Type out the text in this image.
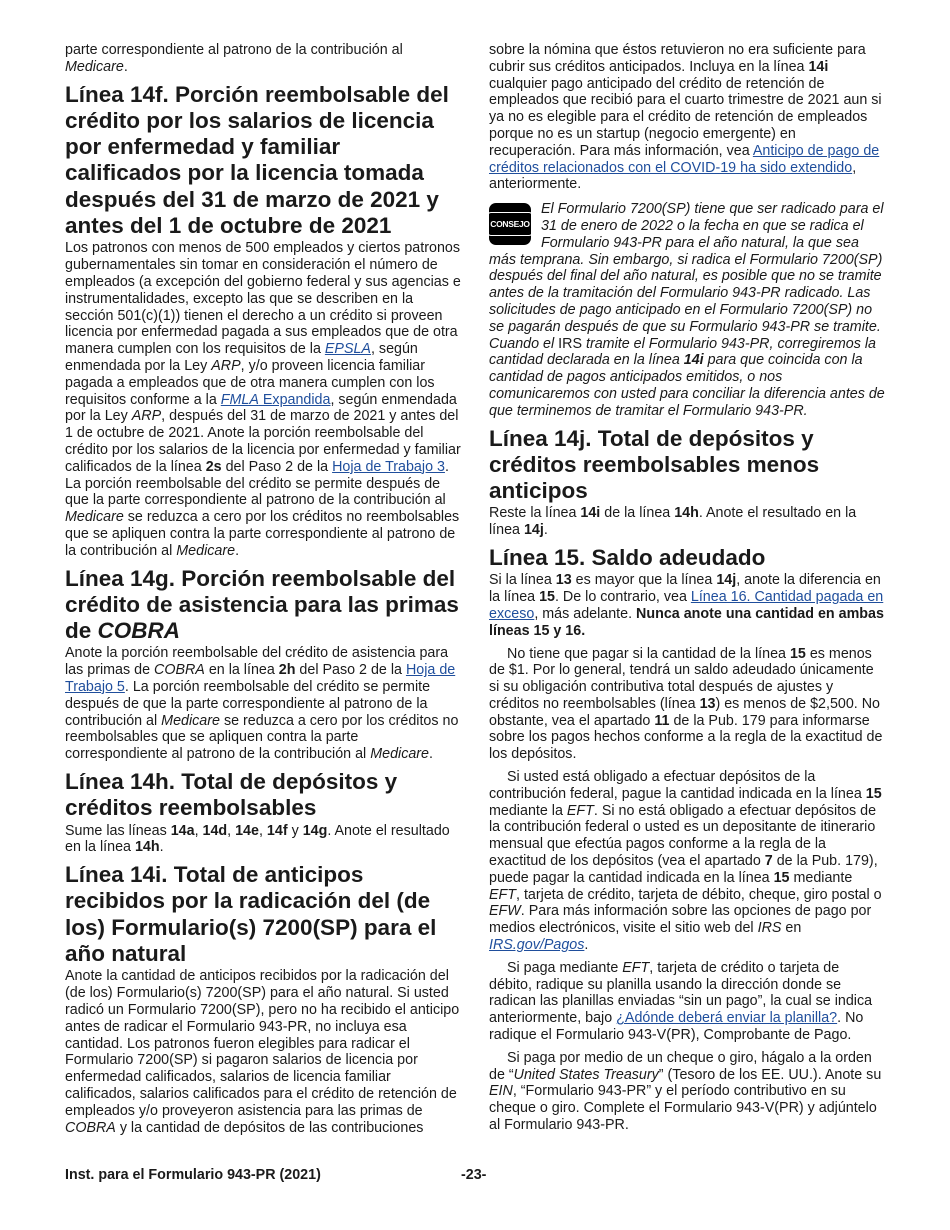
parte correspondiente al patrono de la contribución al Medicare.

Línea 14f. Porción reembolsable del crédito por los salarios de licencia por enfermedad y familiar calificados por la licencia tomada después del 31 de marzo de 2021 y antes del 1 de octubre de 2021

Los patronos con menos de 500 empleados y ciertos patronos gubernamentales sin tomar en consideración el número de empleados (a excepción del gobierno federal y sus agencias e instrumentalidades, excepto las que se describen en la sección 501(c)(1)) tienen el derecho a un crédito si proveen licencia por enfermedad pagada a sus empleados que de otra manera cumplen con los requisitos de la EPSLA, según enmendada por la Ley ARP, y/o proveen licencia familiar pagada a empleados que de otra manera cumplen con los requisitos conforme a la FMLA Expandida, según enmendada por la Ley ARP, después del 31 de marzo de 2021 y antes del 1 de octubre de 2021. Anote la porción reembolsable del crédito por los salarios de la licencia por enfermedad y familiar calificados de la línea 2s del Paso 2 de la Hoja de Trabajo 3. La porción reembolsable del crédito se permite después de que la parte correspondiente al patrono de la contribución al Medicare se reduzca a cero por los créditos no reembolsables que se apliquen contra la parte correspondiente al patrono de la contribución al Medicare.

Línea 14g. Porción reembolsable del crédito de asistencia para las primas de COBRA

Anote la porción reembolsable del crédito de asistencia para las primas de COBRA en la línea 2h del Paso 2 de la Hoja de Trabajo 5. La porción reembolsable del crédito se permite después de que la parte correspondiente al patrono de la contribución al Medicare se reduzca a cero por los créditos no reembolsables que se apliquen contra la parte correspondiente al patrono de la contribución al Medicare.

Línea 14h. Total de depósitos y créditos reembolsables

Sume las líneas 14a, 14d, 14e, 14f y 14g. Anote el resultado en la línea 14h.

Línea 14i. Total de anticipos recibidos por la radicación del (de los) Formulario(s) 7200(SP) para el año natural

Anote la cantidad de anticipos recibidos por la radicación del (de los) Formulario(s) 7200(SP) para el año natural. Si usted radicó un Formulario 7200(SP), pero no ha recibido el anticipo antes de radicar el Formulario 943-PR, no incluya esa cantidad. Los patronos fueron elegibles para radicar el Formulario 7200(SP) si pagaron salarios de licencia por enfermedad calificados, salarios de licencia familiar calificados, salarios calificados para el crédito de retención de empleados y/o proveyeron asistencia para las primas de COBRA y la cantidad de depósitos de las contribuciones

sobre la nómina que éstos retuvieron no era suficiente para cubrir sus créditos anticipados. Incluya en la línea 14i cualquier pago anticipado del crédito de retención de empleados que recibió para el cuarto trimestre de 2021 aun si ya no es elegible para el crédito de retención de empleados porque no es un startup (negocio emergente) en recuperación. Para más información, vea Anticipo de pago de créditos relacionados con el COVID-19 ha sido extendido, anteriormente.

CONSEJO

El Formulario 7200(SP) tiene que ser radicado para el 31 de enero de 2022 o la fecha en que se radica el Formulario 943-PR para el año natural, la que sea más temprana. Sin embargo, si radica el Formulario 7200(SP) después del final del año natural, es posible que no se tramite antes de la tramitación del Formulario 943-PR radicado. Las solicitudes de pago anticipado en el Formulario 7200(SP) no se pagarán después de que su Formulario 943-PR se tramite. Cuando el IRS tramite el Formulario 943-PR, corregiremos la cantidad declarada en la línea 14i para que coincida con la cantidad de pagos anticipados emitidos, o nos comunicaremos con usted para conciliar la diferencia antes de que terminemos de tramitar el Formulario 943-PR.

Línea 14j. Total de depósitos y créditos reembolsables menos anticipos

Reste la línea 14i de la línea 14h. Anote el resultado en la línea 14j.

Línea 15. Saldo adeudado

Si la línea 13 es mayor que la línea 14j, anote la diferencia en la línea 15. De lo contrario, vea Línea 16. Cantidad pagada en exceso, más adelante. Nunca anote una cantidad en ambas líneas 15 y 16.

No tiene que pagar si la cantidad de la línea 15 es menos de $1. Por lo general, tendrá un saldo adeudado únicamente si su obligación contributiva total después de ajustes y créditos no reembolsables (línea 13) es menos de $2,500. No obstante, vea el apartado 11 de la Pub. 179 para informarse sobre los pagos hechos conforme a la regla de la exactitud de los depósitos.

Si usted está obligado a efectuar depósitos de la contribución federal, pague la cantidad indicada en la línea 15 mediante la EFT. Si no está obligado a efectuar depósitos de la contribución federal o usted es un depositante de itinerario mensual que efectúa pagos conforme a la regla de la exactitud de los depósitos (vea el apartado 7 de la Pub. 179), puede pagar la cantidad indicada en la línea 15 mediante EFT, tarjeta de crédito, tarjeta de débito, cheque, giro postal o EFW. Para más información sobre las opciones de pago por medios electrónicos, visite el sitio web del IRS en IRS.gov/Pagos.

Si paga mediante EFT, tarjeta de crédito o tarjeta de débito, radique su planilla usando la dirección donde se radican las planillas enviadas “sin un pago”, la cual se indica anteriormente, bajo ¿Adónde deberá enviar la planilla?. No radique el Formulario 943-V(PR), Comprobante de Pago.

Si paga por medio de un cheque o giro, hágalo a la orden de “United States Treasury” (Tesoro de los EE. UU.). Anote su EIN, “Formulario 943-PR” y el período contributivo en su cheque o giro. Complete el Formulario 943-V(PR) y adjúntelo al Formulario 943-PR.

Inst. para el Formulario 943-PR (2021)	-23-
